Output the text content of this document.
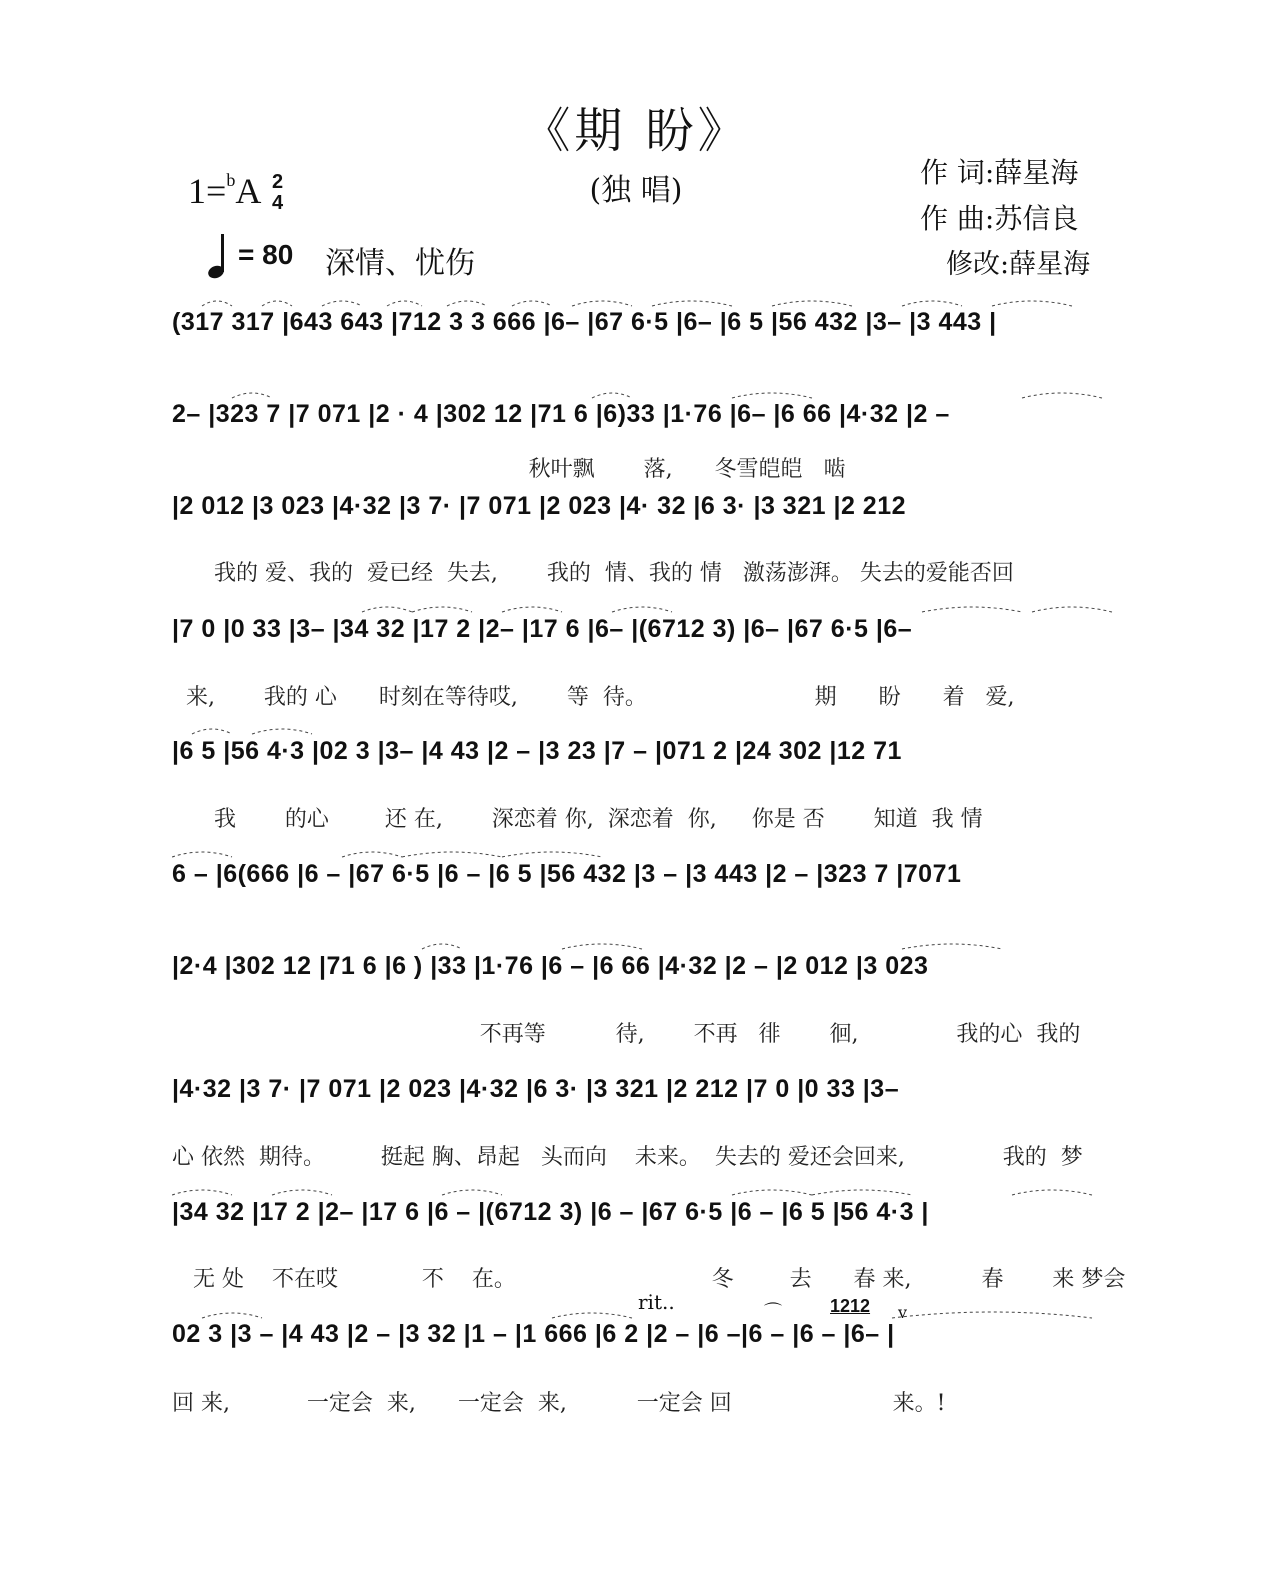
《期 盼》
(独 唱)
1=$^b$A 2
4
= 80 深情、忧伤
作 词:薛星海
作 曲:苏信良
修改:薛星海
(317 317 |643 643 |712 3 3 666 |6– |67 6·5 |6– |6 5 |56 432 |3– |3 443 |
2– |323 7 |7 071 |2 · 4 |302 12 |71 6 |6)33 |1·76 |6– |6 66 |4·32 |2 –
秋叶飘       落,      冬雪皑皑   啮
|2 012 |3 023 |4·32 |3 7· |7 071 |2 023 |4· 32 |6 3· |3 321 |2 212
我的 爱、我的  爱已经  失去,       我的  情、我的 情   激荡澎湃。 失去的爱能否回
|7 0 |0 33 |3– |34 32 |17 2 |2– |17 6 |6– |(6712 3) |6– |67 6·5 |6–
来,       我的 心      时刻在等待哎,       等  待。                        期      盼      着   爱,
|6 5 |56 4·3 |02 3 |3– |4 43 |2 – |3 23 |7 – |071 2 |24 302 |12 71
我       的心        还 在,       深恋着 你,  深恋着  你,     你是 否       知道  我 情
6 – |6(666 |6 – |67 6·5 |6 – |6 5 |56 432 |3 – |3 443 |2 – |323 7 |7071
|2·4 |302 12 |71 6 |6 ) |33 |1·76 |6 – |6 66 |4·32 |2 – |2 012 |3 023
不再等          待,       不再   徘       徊,              我的心  我的
|4·32 |3 7· |7 071 |2 023 |4·32 |6 3· |3 321 |2 212 |7 0 |0 33 |3–
心 依然  期待。        挺起 胸、昂起   头而向    未来。  失去的 爱还会回来,              我的  梦
|34 32 |17 2 |2– |17 6 |6 – |(6712 3) |6 – |67 6·5 |6 – |6 5 |56 4·3 |
无 处    不在哎            不    在。                            冬        去      春 来,          春       来 梦会
rit..	1212 v
⌒
02 3 |3 – |4 43 |2 – |3 32 |1 – |1 666 |6 2 |2 – |6 –|6 – |6 – |6– |
回 来,           一定会  来,      一定会  来,          一定会 回                       来。!
